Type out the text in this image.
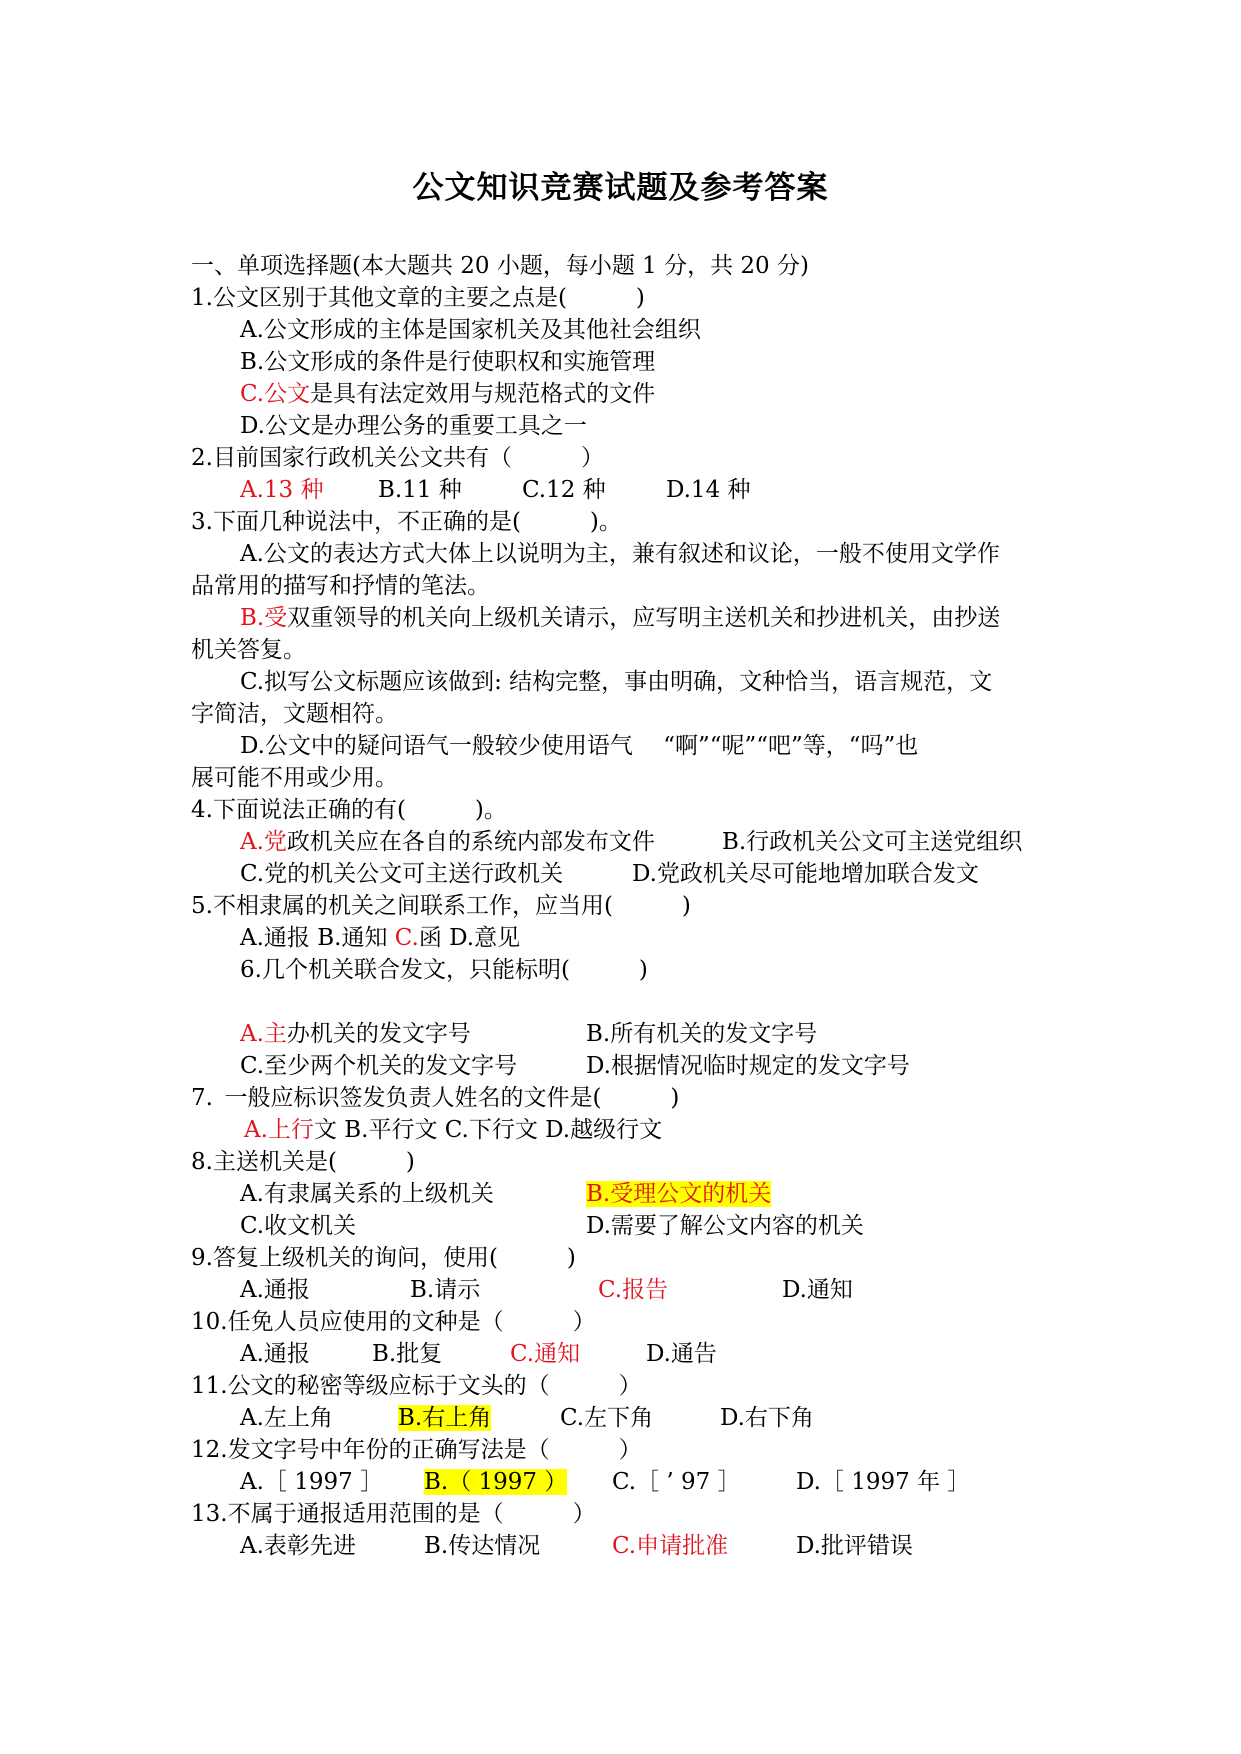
公文知识竞赛试题及参考答案
一、单项选择题(本大题共 20 小题，每小题 1 分，共 20 分)
1.公文区别于其他文章的主要之点是(　　　)
A.公文形成的主体是国家机关及其他社会组织
B.公文形成的条件是行使职权和实施管理
C.公文是具有法定效用与规范格式的文件
D.公文是办理公务的重要工具之一
2.目前国家行政机关公文共有（　　　）
A.13 种 B.11 种	C.12 种	D.14 种
3.下面几种说法中，不正确的是(　　　)。
A.公文的表达方式大体上以说明为主，兼有叙述和议论，一般不使用文学作
品常用的描写和抒情的笔法。
B.受双重领导的机关向上级机关请示，应写明主送机关和抄进机关，由抄送
机关答复。
C.拟写公文标题应该做到: 结构完整，事由明确，文种恰当，语言规范，文
字简洁，文题相符。
D.公文中的疑问语气一般较少使用语气　 “啊”“呢”“吧”等，“吗”也
展可能不用或少用。
4.下面说法正确的有(　　　)。
A.党政机关应在各自的系统内部发布文件	B.行政机关公文可主送党组织
C.党的机关公文可主送行政机关	D.党政机关尽可能地增加联合发文
5.不相隶属的机关之间联系工作，应当用(　　　)
A.通报 B.通知 C.函 D.意见
6.几个机关联合发文，只能标明(　　　)
A.主办机关的发文字号	B.所有机关的发文字号
C.至少两个机关的发文字号	D.根据情况临时规定的发文字号
7. 一般应标识签发负责人姓名的文件是(　　　)
A.上行文 B.平行文 C.下行文 D.越级行文
8.主送机关是(　　　)
A.有隶属关系的上级机关	B.受理公文的机关
C.收文机关	D.需要了解公文内容的机关
9.答复上级机关的询问，使用(　　　)
A.通报	B.请示	C.报告	D.通知
10.任免人员应使用的文种是（　　　）
A.通报	B.批复	C.通知	D.通告
11.公文的秘密等级应标于文头的（　　　）
A.左上角	B.右上角	C.左下角	D.右下角
12.发文字号中年份的正确写法是（　　　）
A.［ 1997 ］ B.（ 1997 ） C.［ ’ 97 ］ D.［ 1997 年 ］
13.不属于通报适用范围的是（　　　）
A.表彰先进	B.传达情况	C.申请批准	D.批评错误
